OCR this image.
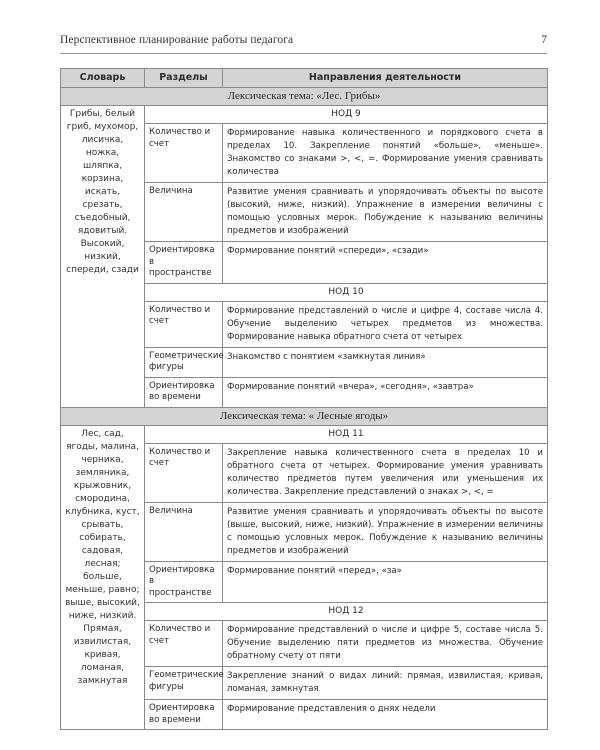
Перспективное планирование работы педагога	7
Словарь	Разделы	Направления деятельности
Лексическая тема: «Лес. Грибы»		
Грибы, белый гриб, мухомор, лисичка, ножка, шляпка, корзина, искать, срезать, съедобный, ядовитый. Высокий, низкий, спереди, сзади	НОД 9	
	Количество и счет	Формирование навыка количественного и порядкового счета в пределах 10. Закрепление понятий «больше», «меньше». Знакомство со знаками >, <, =. Формирование умения сравнивать количества
	Величина	Развитие умения сравнивать и упорядочивать объекты по высоте (высокий, ниже, низкий). Упражнение в измерении величины с помощью условных мерок. Побуждение к называнию величины предметов и изображений
	Ориентировка в пространстве	Формирование понятий «спереди», «сзади»
	НОД 10	
	Количество и счет	Формирование представлений о числе и цифре 4, составе числа 4. Обучение выделению четырех предметов из множества. Формирование навыка обратного счета от четырех
	Геометрические фигуры	Знакомство с понятием «замкнутая линия»
	Ориентировка во времени	Формирование понятий «вчера», «сегодня», «завтра»
Лексическая тема: « Лесные ягоды»		
Лес, сад, ягоды, малина, черника, земляника, крыжовник, смородина, клубника, куст, срывать, собирать, садовая, лесная; больше, меньше, равно; выше, высокий, ниже, низкий. Прямая, извилистая, кривая, ломаная, замкнутая	НОД 11	
	Количество и счет	Закрепление навыка количественного счета в пределах 10 и обратного счета от четырех. Формирование умения уравнивать количество предметов путем увеличения или уменьшения их количества. Закрепление представлений о знаках >, <, =
	Величина	Развитие умения сравнивать и упорядочивать объекты по высоте (выше, высокий, ниже, низкий). Упражнение в измерении величины с помощью условных мерок. Побуждение к называнию величины предметов и изображений
	Ориентировка в пространстве	Формирование понятий «перед», «за»
	НОД 12	
	Количество и счет	Формирование представлений о числе и цифре 5, составе числа 5. Обучение выделению пяти предметов из множества. Обучение обратному счету от пяти
	Геометрические фигуры	Закрепление знаний о видах линий: прямая, извилистая, кривая, ломаная, замкнутая
	Ориентировка во времени	Формирование представления о днях недели
